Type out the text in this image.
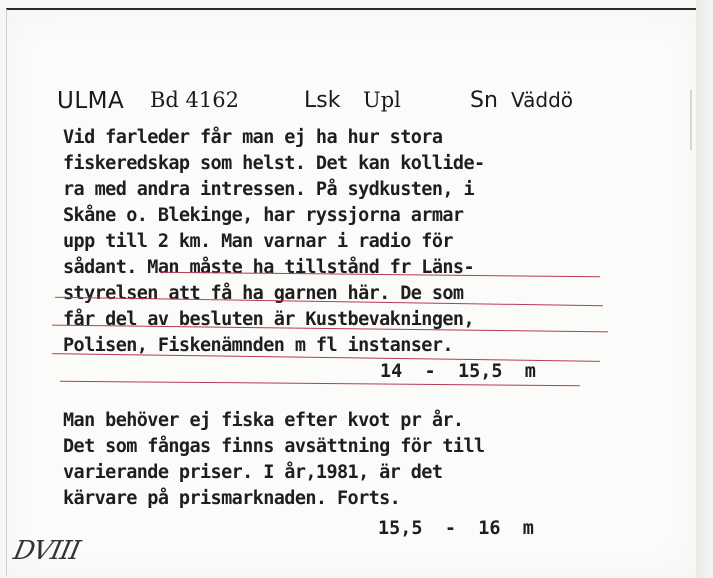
ULMA Bd 4162	Lsk Upl	Sn Väddö
Vid farleder får man ej ha hur stora
fiskeredskap som helst. Det kan kollide-
ra med andra intressen. På sydkusten, i
Skåne o. Blekinge, har ryssjorna armar
upp till 2 km. Man varnar i radio för
sådant. Man måste ha tillstånd fr Läns-
styrelsen att få ha garnen här. De som
får del av besluten är Kustbevakningen,
Polisen, Fiskenämnden m fl instanser.
14  -  15,5  m
Man behöver ej fiska efter kvot pr år.
Det som fångas finns avsättning för till
varierande priser. I år,1981, är det
kärvare på prismarknaden. Forts.
15,5  -  16  m
DVIII
